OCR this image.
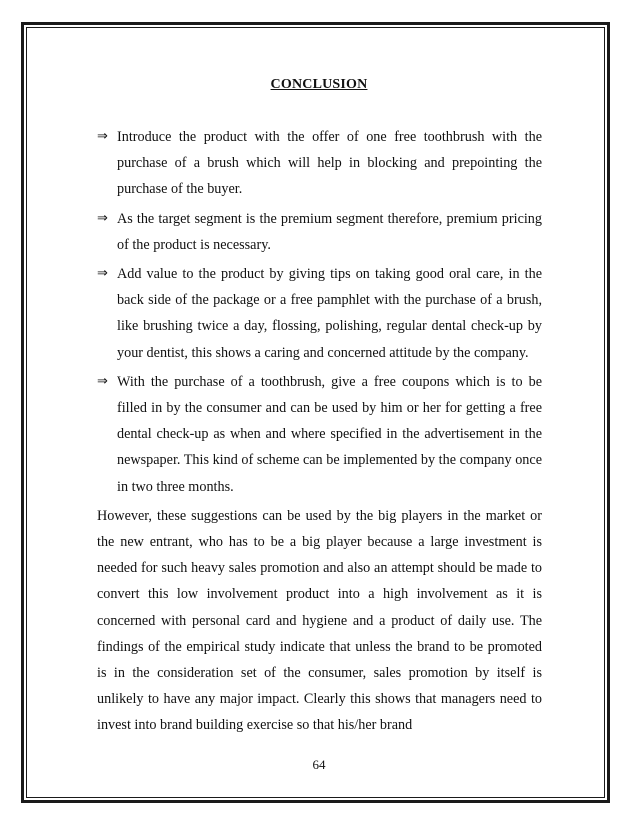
CONCLUSION
⇒ Introduce the product with the offer of one free toothbrush with the purchase of a brush which will help in blocking and prepointing the purchase of the buyer.
⇒ As the target segment is the premium segment therefore, premium pricing of the product is necessary.
⇒ Add value to the product by giving tips on taking good oral care, in the back side of the package or a free pamphlet with the purchase of a brush, like brushing twice a day, flossing, polishing, regular dental check-up by your dentist, this shows a caring and concerned attitude by the company.
⇒ With the purchase of a toothbrush, give a free coupons which is to be filled in by the consumer and can be used by him or her for getting a free dental check-up as when and where specified in the advertisement in the newspaper. This kind of scheme can be implemented by the company once in two three months.
However, these suggestions can be used by the big players in the market or the new entrant, who has to be a big player because a large investment is needed for such heavy sales promotion and also an attempt should be made to convert this low involvement product into a high involvement as it is concerned with personal card and hygiene and a product of daily use. The findings of the empirical study indicate that unless the brand to be promoted is in the consideration set of the consumer, sales promotion by itself is unlikely to have any major impact. Clearly this shows that managers need to invest into brand building exercise so that his/her brand
64
